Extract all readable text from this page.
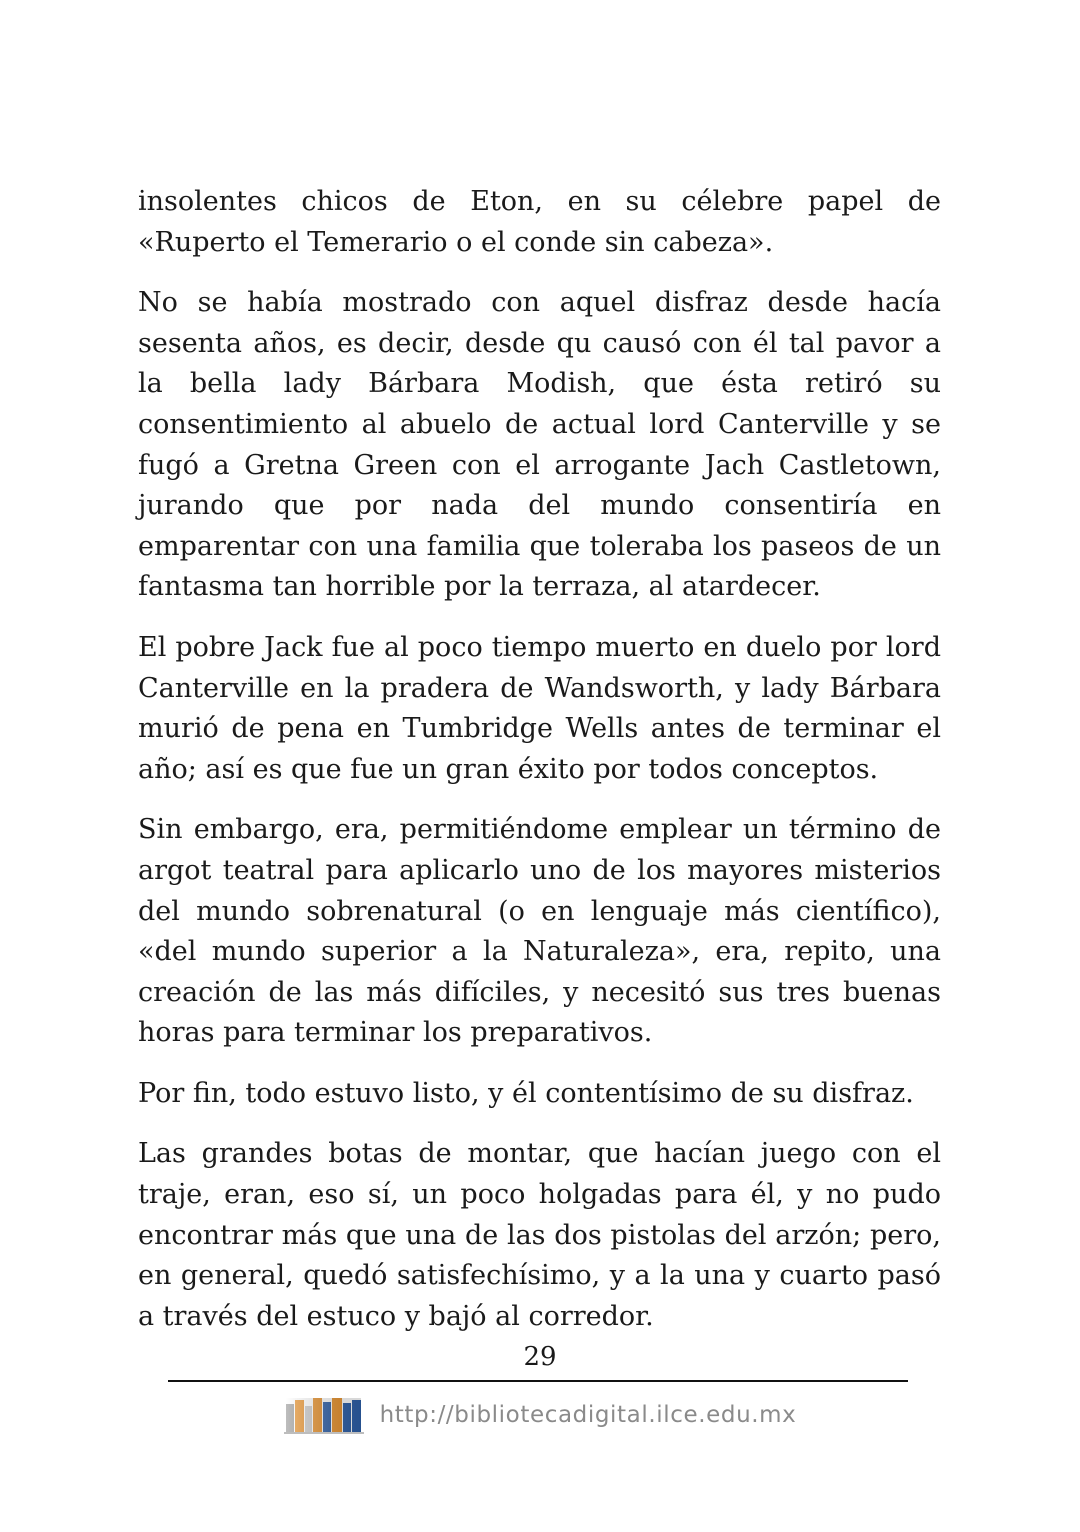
insolentes chicos de Eton, en su célebre papel de «Ruperto el Temerario o el conde sin cabeza».

No se había mostrado con aquel disfraz desde hacía sesenta años, es decir, desde qu causó con él tal pavor a la bella lady Bárbara Modish, que ésta retiró su consentimiento al abuelo de actual lord Canterville y se fugó a Gretna Green con el arrogante Jach Castletown, jurando que por nada del mundo consentiría en emparentar con una familia que toleraba los paseos de un fantasma tan horrible por la terraza, al atardecer.

El pobre Jack fue al poco tiempo muerto en duelo por lord Canterville en la pradera de Wandsworth, y lady Bárbara murió de pena en Tumbridge Wells antes de terminar el año; así es que fue un gran éxito por todos conceptos.

Sin embargo, era, permitiéndome emplear un término de argot teatral para aplicarlo uno de los mayores misterios del mundo sobrenatural (o en lenguaje más científico), «del mundo superior a la Naturaleza», era, repito, una creación de las más difíciles, y necesitó sus tres buenas horas para terminar los preparativos.

Por fin, todo estuvo listo, y él contentísimo de su disfraz.

Las grandes botas de montar, que hacían juego con el traje, eran, eso sí, un poco holgadas para él, y no pudo encontrar más que una de las dos pistolas del arzón; pero, en general, quedó satisfechísimo, y a la una y cuarto pasó a través del estuco y bajó al corredor.

29
http://bibliotecadigital.ilce.edu.mx
